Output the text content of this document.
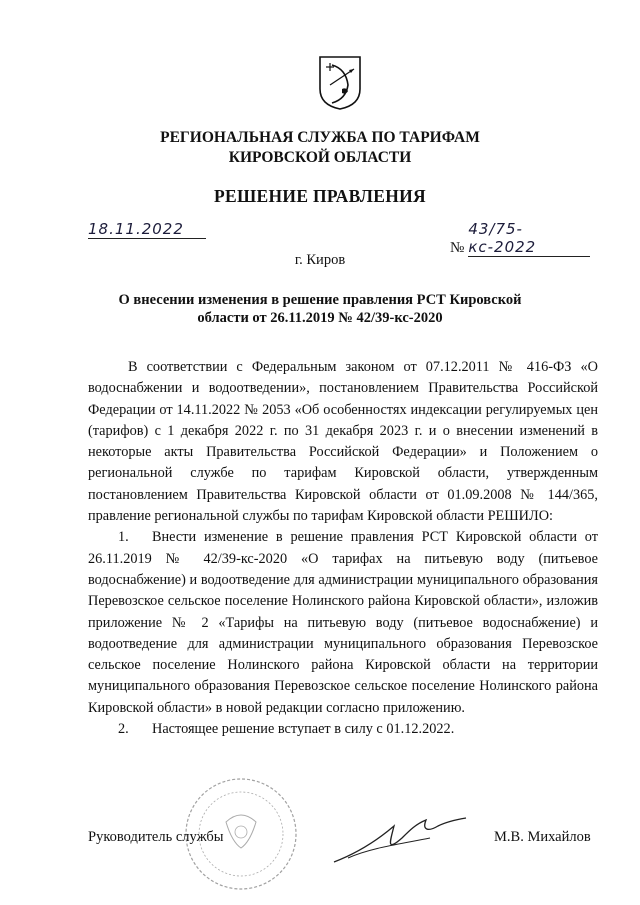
РЕГИОНАЛЬНАЯ СЛУЖБА ПО ТАРИФАМ
КИРОВСКОЙ ОБЛАСТИ
РЕШЕНИЕ ПРАВЛЕНИЯ
18.11.2022
№ 43/75-кс-2022
г. Киров
О внесении изменения в решение правления РСТ Кировской
области от 26.11.2019 № 42/39-кс-2020

В соответствии с Федеральным законом от 07.12.2011 № 416-ФЗ «О водоснабжении и водоотведении», постановлением Правительства Российской Федерации от 14.11.2022 № 2053 «Об особенностях индексации регулируемых цен (тарифов) с 1 декабря 2022 г. по 31 декабря 2023 г. и о внесении изменений в некоторые акты Правительства Российской Федерации» и Положением о региональной службе по тарифам Кировской области, утвержденным постановлением Правительства Кировской области от 01.09.2008 № 144/365, правление региональной службы по тарифам Кировской области РЕШИЛО:

1. Внести изменение в решение правления РСТ Кировской области от 26.11.2019 № 42/39-кс-2020 «О тарифах на питьевую воду (питьевое водоснабжение) и водоотведение для администрации муниципального образования Перевозское сельское поселение Нолинского района Кировской области», изложив приложение № 2 «Тарифы на питьевую воду (питьевое водоснабжение) и водоотведение для администрации муниципального образования Перевозское сельское поселение Нолинского района Кировской области на территории муниципального образования Перевозское сельское поселение Нолинского района Кировской области» в новой редакции согласно приложению.

2. Настоящее решение вступает в силу с 01.12.2022.

Руководитель службы	М.В. Михайлов
